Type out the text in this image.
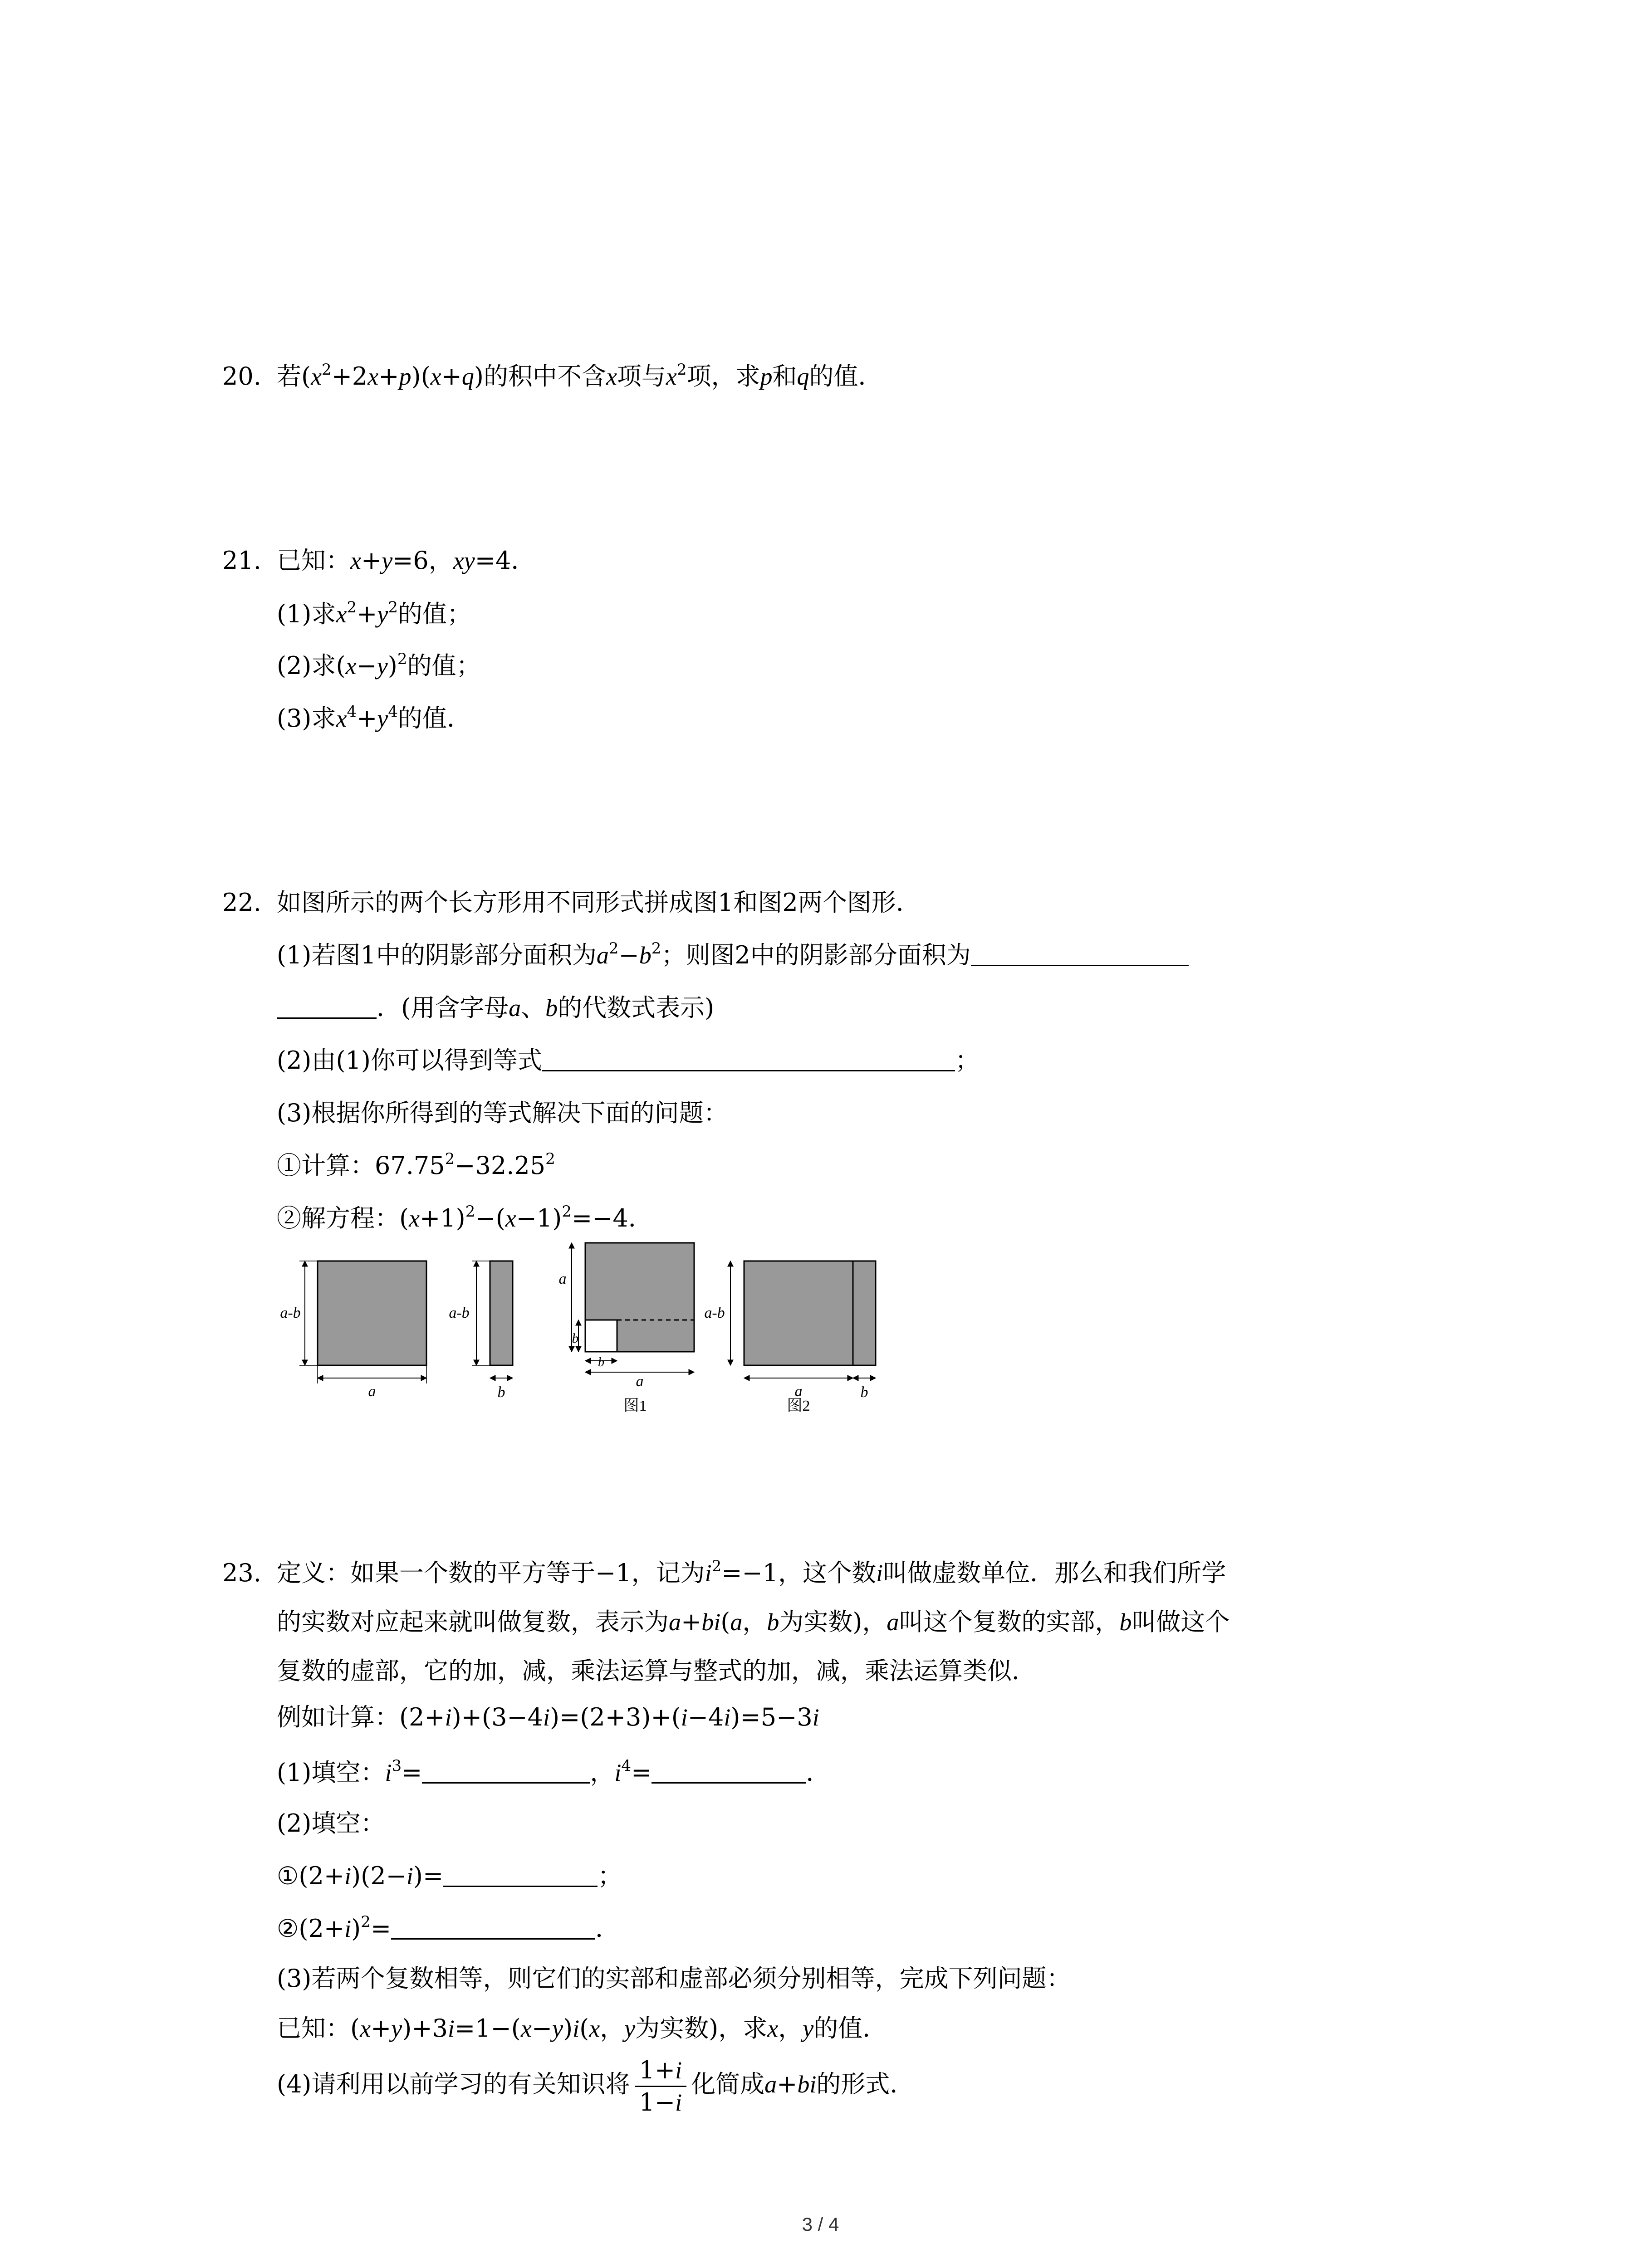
20. 若$(x^2+2x+p)(x+q)$的积中不含x项与$x^2$项，求p和q的值．
21. 已知：x+y=6，xy=4．
(1)求$x^2+y^2$的值；
(2)求$(x-y)^2$的值；
(3)求$x^4+y^4$的值．
22. 如图所示的两个长方形用不同形式拼成图1和图2两个图形．
(1)若图1中的阴影部分面积为$a^2-b^2$；则图2中的阴影部分面积为
．(用含字母a、b的代数式表示)
(2)由(1)你可以得到等式	；
(3)根据你所得到的等式解决下面的问题：
①计算：$67.75^2-32.25^2$
②解方程：$(x+1)^2-(x-1)^2=-4$．
a-b
a
a-b
b
a
b
b
a
图1
a-b
a	b
图2
23. 定义：如果一个数的平方等于−1，记为$i^2=-1$，这个数i叫做虚数单位．那么和我们所学
的实数对应起来就叫做复数，表示为a+bi(a，b为实数)，a叫这个复数的实部，b叫做这个
复数的虚部，它的加，减，乘法运算与整式的加，减，乘法运算类似．
例如计算：(2+i)+(3−4i)=(2+3)+(i−4i)=5−3i
(1)填空：$i^3=$	，$i^4=$	．
(2)填空：
①(2+i)(2−i)=	；
$②(2+i)^2=$	．
(3)若两个复数相等，则它们的实部和虚部必须分别相等，完成下列问题：
已知：(x+y)+3i=1−(x−y)i(x，y为实数)，求x，y的值．
(4)请利用以前学习的有关知识将 $\frac{1+i}{1-i}$ 化简成a+bi的形式．
3 / 4
